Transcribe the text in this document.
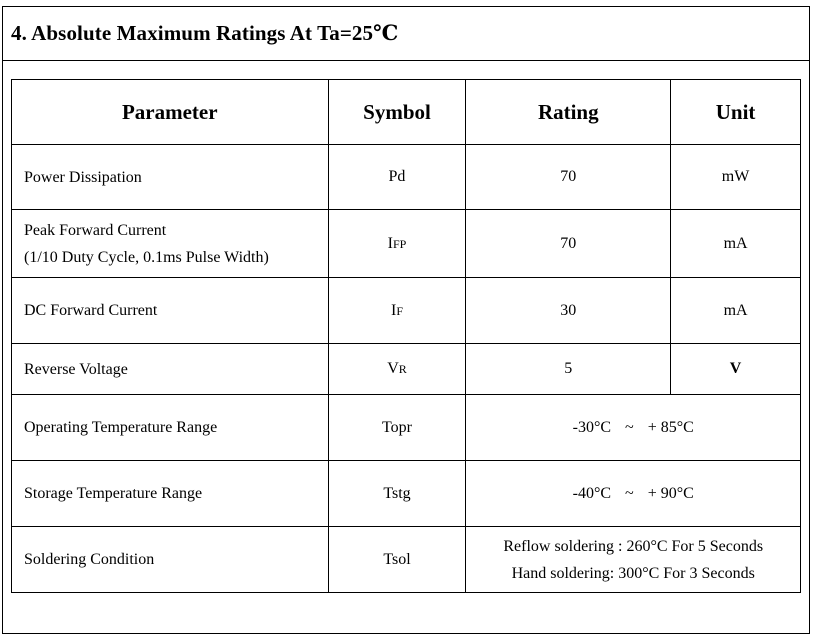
4. Absolute Maximum Ratings At Ta=25℃
Parameter	Symbol	Rating	Unit
Power Dissipation	Pd	70	mW

Peak Forward Current
(1/10 Duty Cycle, 0.1ms Pulse Width)	IFP	70	mA
DC Forward Current	IF	30	mA
Reverse Voltage	VR	5	V
Operating Temperature Range	Topr	-30°C ~ + 85°C	
Storage Temperature Range	Tstg	-40°C ~ + 90°C	
Soldering Condition	Tsol	Reflow soldering : 260°C For 5 Seconds
Hand soldering: 300°C For 3 Seconds	
